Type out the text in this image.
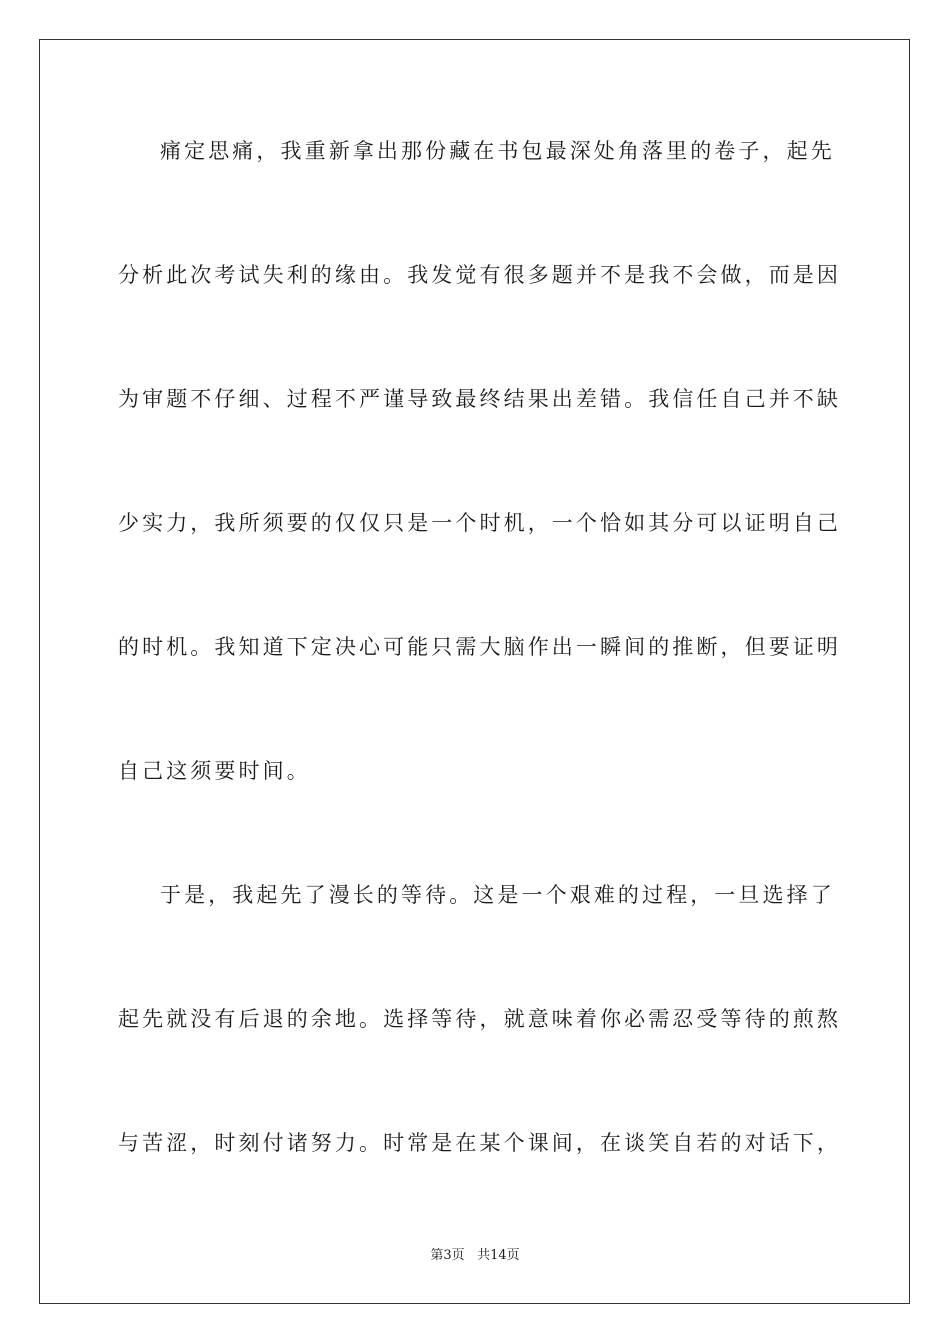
痛定思痛，我重新拿出那份藏在书包最深处角落里的卷子，起先
分析此次考试失利的缘由。我发觉有很多题并不是我不会做，而是因
为审题不仔细、过程不严谨导致最终结果出差错。我信任自己并不缺
少实力，我所须要的仅仅只是一个时机，一个恰如其分可以证明自己
的时机。我知道下定决心可能只需大脑作出一瞬间的推断，但要证明
自己这须要时间。
于是，我起先了漫长的等待。这是一个艰难的过程，一旦选择了
起先就没有后退的余地。选择等待，就意味着你必需忍受等待的煎熬
与苦涩，时刻付诸努力。时常是在某个课间，在谈笑自若的对话下，
第3页 共14页
